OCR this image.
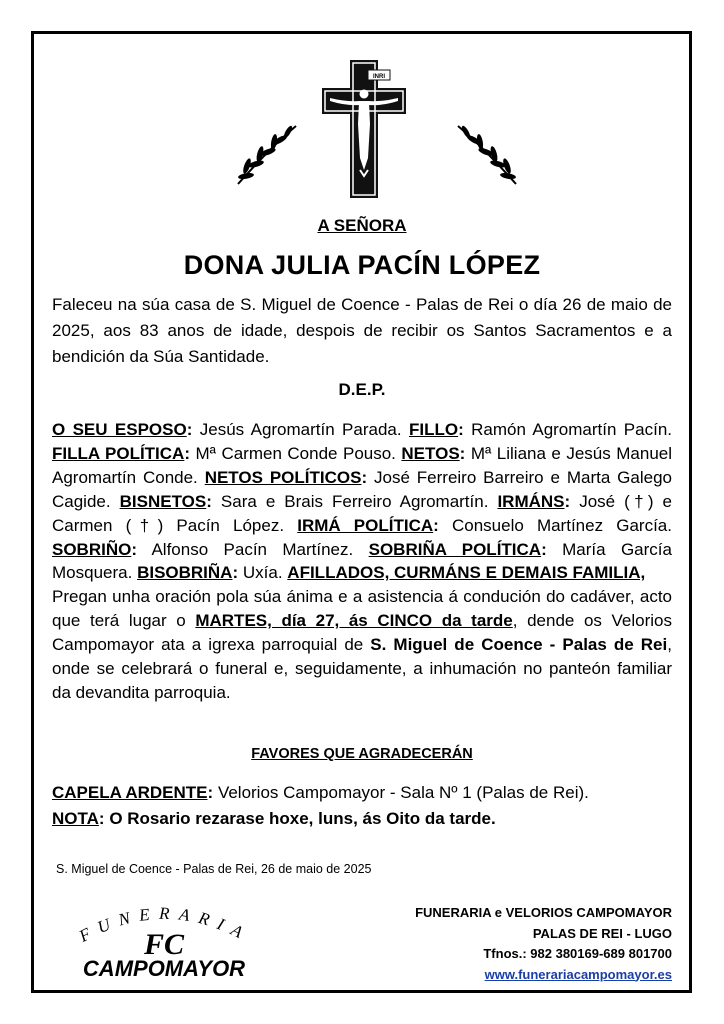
INRI
A SEÑORA
DONA JULIA PACÍN LÓPEZ
Faleceu na súa casa de S. Miguel de Coence - Palas de Rei o día 26 de maio de 2025, aos 83 anos de idade, despois de recibir os Santos Sacramentos e a bendición da Súa Santidade.
D.E.P.
O SEU ESPOSO: Jesús Agromartín Parada. FILLO: Ramón Agromartín Pacín. FILLA POLÍTICA: Mª Carmen Conde Pouso. NETOS: Mª Liliana e Jesús Manuel Agromartín Conde. NETOS POLÍTICOS: José Ferreiro Barreiro e Marta Galego Cagide. BISNETOS: Sara e Brais Ferreiro Agromartín. IRMÁNS: José (†) e Carmen (†) Pacín López. IRMÁ POLÍTICA: Consuelo Martínez García. SOBRIÑO: Alfonso Pacín Martínez. SOBRIÑA POLÍTICA: María García Mosquera. BISOBRIÑA: Uxía. AFILLADOS, CURMÁNS E DEMAIS FAMILIA,
Pregan unha oración pola súa ánima e a asistencia á condución do cadáver, acto que terá lugar o MARTES, día 27, ás CINCO da tarde, dende os Velorios Campomayor ata a igrexa parroquial de S. Miguel de Coence - Palas de Rei, onde se celebrará o funeral e, seguidamente, a inhumación no panteón familiar da devandita parroquia.
FAVORES QUE AGRADECERÁN
CAPELA ARDENTE: Velorios Campomayor - Sala Nº 1 (Palas de Rei).
NOTA: O Rosario rezarase hoxe, luns, ás Oito da tarde.
S. Miguel de Coence - Palas de Rei, 26 de maio de 2025
FUNERARIA
FC
CAMPOMAYOR
FUNERARIA e VELORIOS CAMPOMAYOR
PALAS DE REI - LUGO
Tfnos.: 982 380169-689 801700
www.funerariacampomayor.es
